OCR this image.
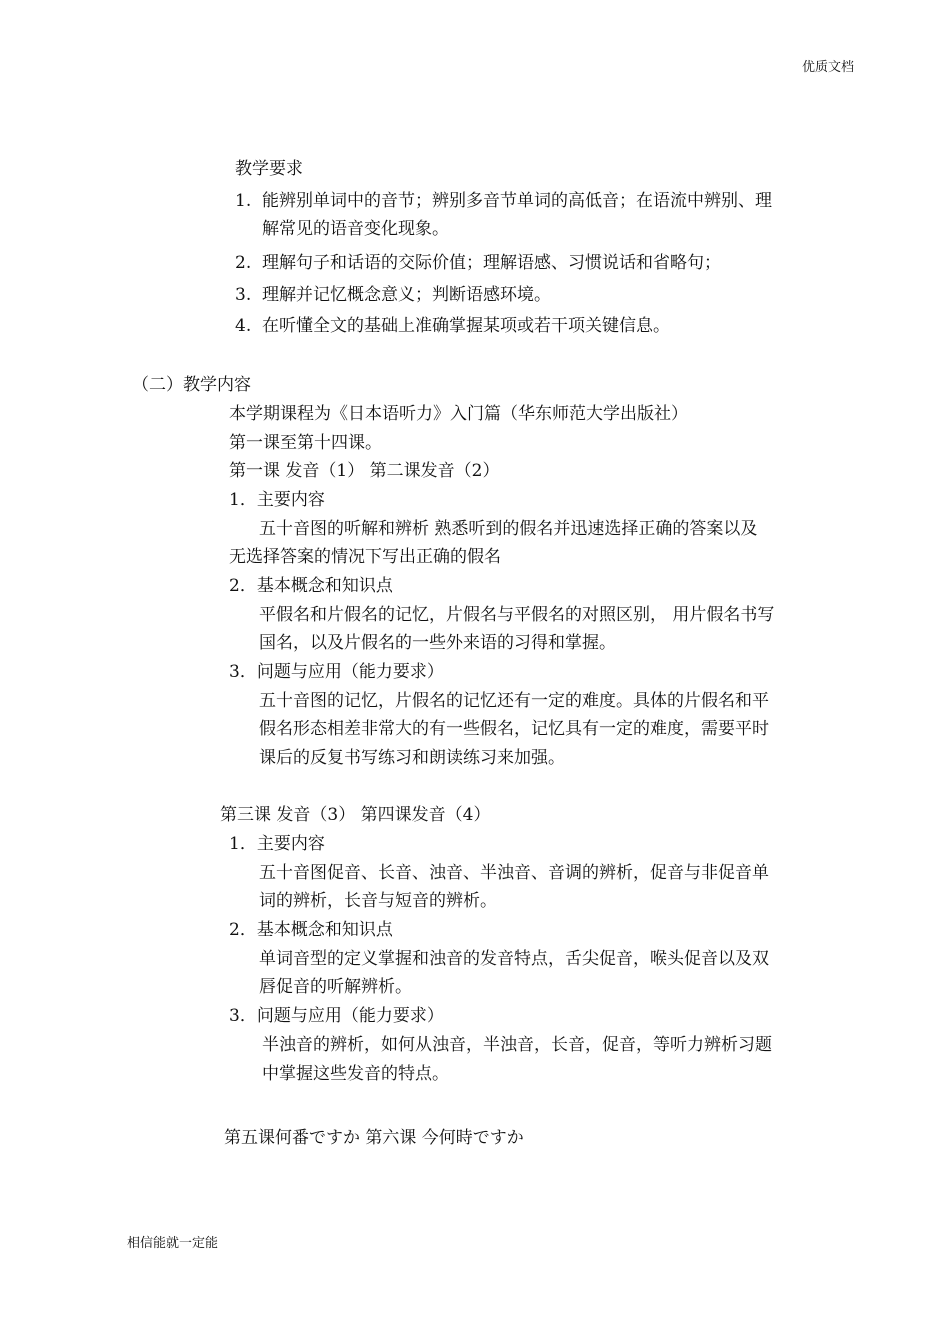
优质文档
相信能就一定能
教学要求
1. 能辨别单词中的音节；辨别多音节单词的高低音；在语流中辨别、理
解常见的语音变化现象。
2. 理解句子和话语的交际价值；理解语感、习惯说话和省略句；
3. 理解并记忆概念意义；判断语感环境。
4. 在听懂全文的基础上准确掌握某项或若干项关键信息。
（二）教学内容
本学期课程为《日本语听力》入门篇（华东师范大学出版社）
第一课至第十四课。
第一课 发音（1） 第二课发音（2）
1．主要内容
五十音图的听解和辨析 熟悉听到的假名并迅速选择正确的答案以及
无选择答案的情况下写出正确的假名
2．基本概念和知识点
平假名和片假名的记忆，片假名与平假名的对照区别， 用片假名书写
国名，以及片假名的一些外来语的习得和掌握。
3．问题与应用（能力要求）
五十音图的记忆，片假名的记忆还有一定的难度。具体的片假名和平
假名形态相差非常大的有一些假名，记忆具有一定的难度，需要平时
课后的反复书写练习和朗读练习来加强。
第三课 发音（3） 第四课发音（4）
1．主要内容
五十音图促音、长音、浊音、半浊音、音调的辨析，促音与非促音单
词的辨析，长音与短音的辨析。
2．基本概念和知识点
单词音型的定义掌握和浊音的发音特点，舌尖促音，喉头促音以及双
唇促音的听解辨析。
3．问题与应用（能力要求）
半浊音的辨析，如何从浊音，半浊音，长音，促音，等听力辨析习题
中掌握这些发音的特点。
第五课何番ですか 第六课 今何時ですか
